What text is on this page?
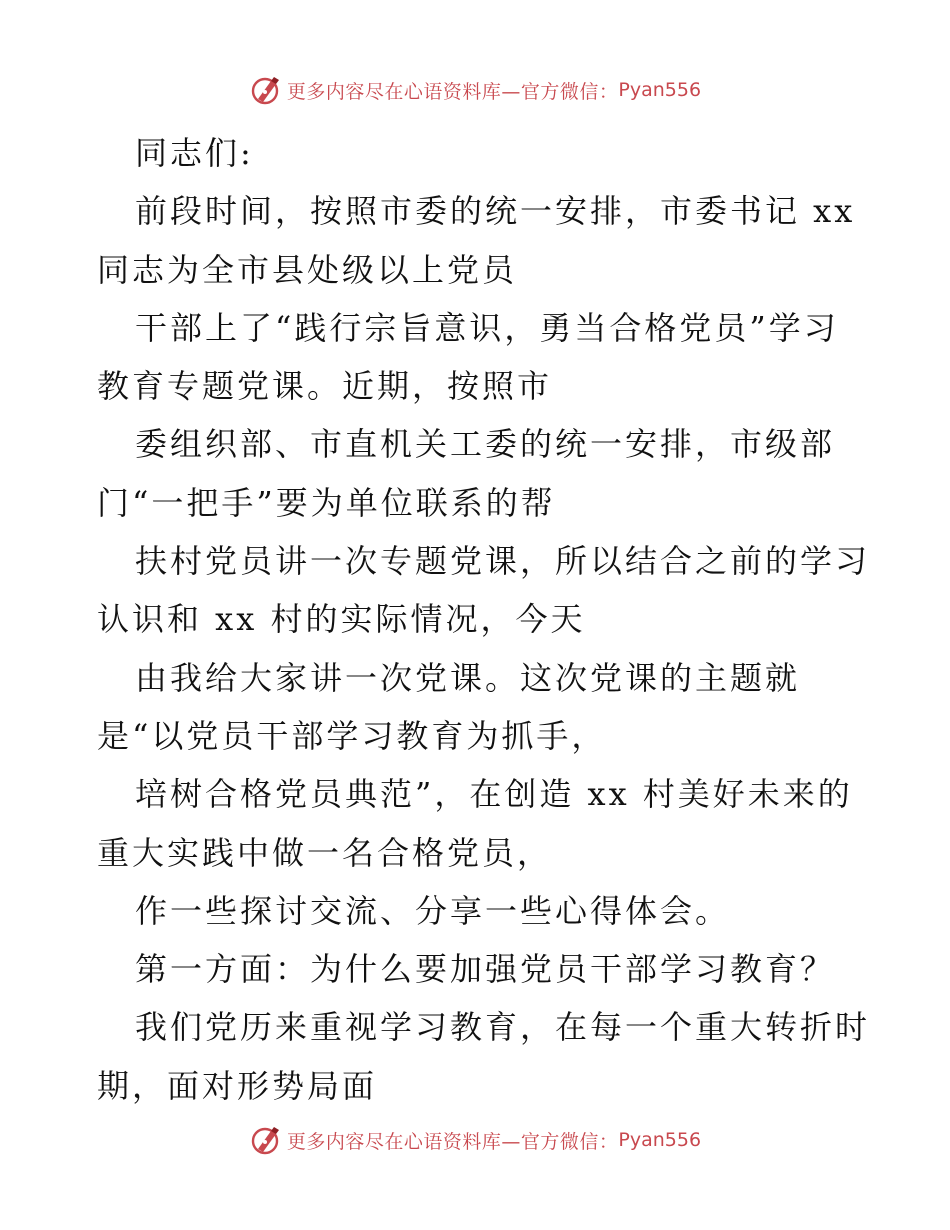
更多内容尽在心语资料库—官方微信： Pyan556
同志们:
前段时间，按照市委的统一安排，市委书记 xx
同志为全市县处级以上党员
干部上了“践行宗旨意识，勇当合格党员”学习
教育专题党课。近期，按照市
委组织部、市直机关工委的统一安排，市级部
门“一把手”要为单位联系的帮
扶村党员讲一次专题党课，所以结合之前的学习
认识和 xx 村的实际情况，今天
由我给大家讲一次党课。这次党课的主题就
是“以党员干部学习教育为抓手，
培树合格党员典范”，在创造 xx 村美好未来的
重大实践中做一名合格党员，
作一些探讨交流、分享一些心得体会。
第一方面：为什么要加强党员干部学习教育？
我们党历来重视学习教育，在每一个重大转折时
期，面对形势局面
更多内容尽在心语资料库—官方微信： Pyan556
